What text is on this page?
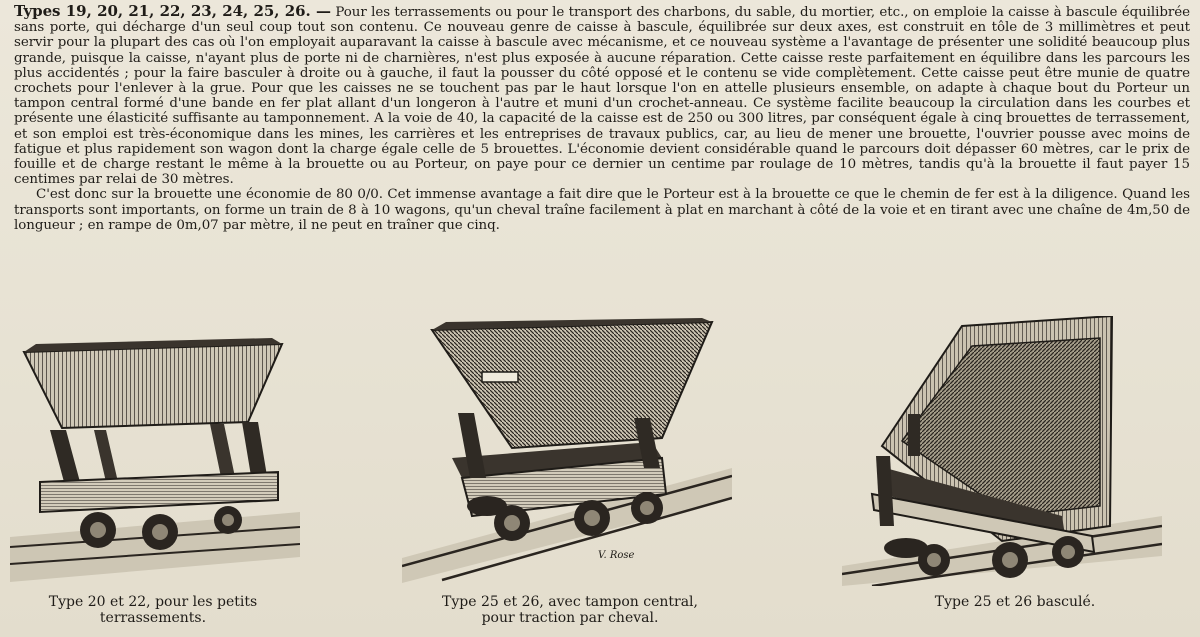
Types 19, 20, 21, 22, 23, 24, 25, 26. — Pour les terrassements ou pour le transport des charbons, du sable, du mortier, etc., on emploie la caisse à bascule équilibrée sans porte, qui décharge d'un seul coup tout son contenu. Ce nouveau genre de caisse à bascule, équilibrée sur deux axes, est construit en tôle de 3 millimètres et peut servir pour la plupart des cas où l'on employait auparavant la caisse à bascule avec mécanisme, et ce nouveau système a l'avantage de présenter une solidité beaucoup plus grande, puisque la caisse, n'ayant plus de porte ni de charnières, n'est plus exposée à aucune réparation. Cette caisse reste parfaitement en équilibre dans les parcours les plus accidentés ; pour la faire basculer à droite ou à gauche, il faut la pousser du côté opposé et le contenu se vide complètement. Cette caisse peut être munie de quatre crochets pour l'enlever à la grue. Pour que les caisses ne se touchent pas par le haut lorsque l'on en attelle plusieurs ensemble, on adapte à chaque bout du Porteur un tampon central formé d'une bande en fer plat allant d'un longeron à l'autre et muni d'un crochet-anneau. Ce système facilite beaucoup la circulation dans les courbes et présente une élasticité suffisante au tamponnement. A la voie de 40, la capacité de la caisse est de 250 ou 300 litres, par conséquent égale à cinq brouettes de terrassement, et son emploi est très-économique dans les mines, les carrières et les entreprises de travaux publics, car, au lieu de mener une brouette, l'ouvrier pousse avec moins de fatigue et plus rapidement son wagon dont la charge égale celle de 5 brouettes. L'économie devient considérable quand le parcours doit dépasser 60 mètres, car le prix de fouille et de charge restant le même à la brouette ou au Porteur, on paye pour ce dernier un centime par roulage de 10 mètres, tandis qu'à la brouette il faut payer 15 centimes par relai de 30 mètres.

C'est donc sur la brouette une économie de 80 0/0. Cet immense avantage a fait dire que le Porteur est à la brouette ce que le chemin de fer est à la diligence. Quand les transports sont importants, on forme un train de 8 à 10 wagons, qu'un cheval traîne facilement à plat en marchant à côté de la voie et en tirant avec une chaîne de 4m,50 de longueur ; en rampe de 0m,07 par mètre, il ne peut en traîner que cinq.

V. Rose
Type 20 et 22, pour les petits
terrassements.
Type 25 et 26, avec tampon central,
pour traction par cheval.
Type 25 et 26 basculé.
